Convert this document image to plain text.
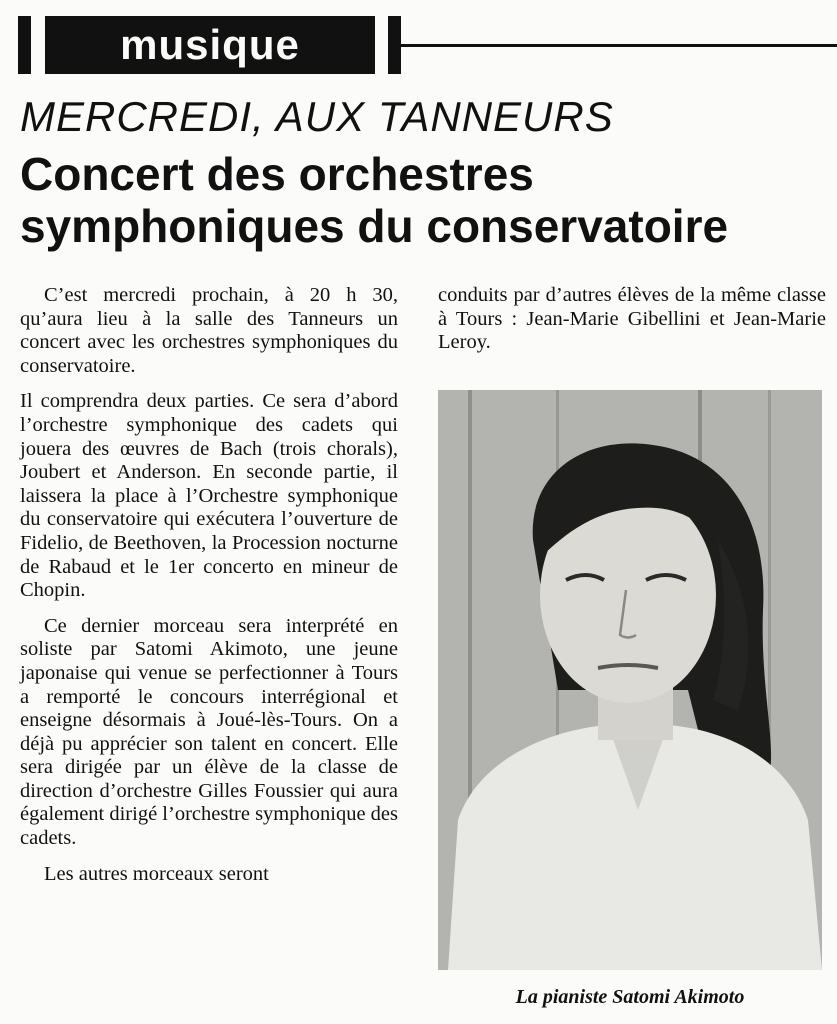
musique
MERCREDI, AUX TANNEURS
Concert des orchestres
symphoniques du conservatoire

C’est mercredi prochain, à 20 h 30, qu’aura lieu à la salle des Tanneurs un concert avec les orchestres symphoniques du conservatoire.

Il comprendra deux parties. Ce sera d’abord l’orchestre symphonique des cadets qui jouera des œuvres de Bach (trois chorals), Joubert et Anderson. En seconde partie, il laissera la place à l’Orchestre symphonique du conservatoire qui exécutera l’ouverture de Fidelio, de Beethoven, la Procession nocturne de Rabaud et le 1er concerto en mineur de Chopin.

Ce dernier morceau sera interprété en soliste par Satomi Akimoto, une jeune japonaise qui venue se perfectionner à Tours a remporté le concours interrégional et enseigne désormais à Joué-lès-Tours. On a déjà pu apprécier son talent en concert. Elle sera dirigée par un élève de la classe de direction d’orchestre Gilles Foussier qui aura également dirigé l’orchestre symphonique des cadets.

Les autres morceaux seront

conduits par d’autres élèves de la même classe à Tours : Jean-Marie Gibellini et Jean-Marie Leroy.

La pianiste Satomi Akimoto
